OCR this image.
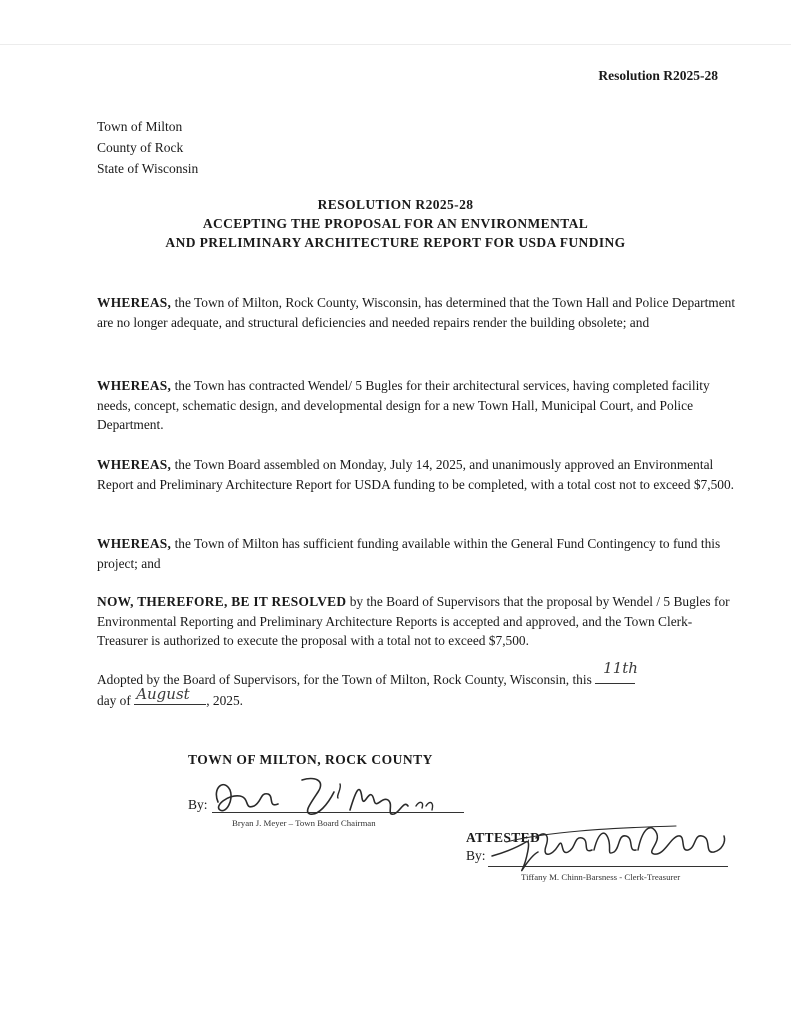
Resolution R2025-28
Town of Milton
County of Rock
State of Wisconsin
RESOLUTION R2025-28
ACCEPTING THE PROPOSAL FOR AN ENVIRONMENTAL
AND PRELIMINARY ARCHITECTURE REPORT FOR USDA FUNDING
WHEREAS, the Town of Milton, Rock County, Wisconsin, has determined that the Town Hall and Police Department are no longer adequate, and structural deficiencies and needed repairs render the building obsolete; and
WHEREAS, the Town has contracted Wendel/ 5 Bugles for their architectural services, having completed facility needs, concept, schematic design, and developmental design for a new Town Hall, Municipal Court, and Police Department.
WHEREAS, the Town Board assembled on Monday, July 14, 2025, and unanimously approved an Environmental Report and Preliminary Architecture Report for USDA funding to be completed, with a total cost not to exceed $7,500.
WHEREAS, the Town of Milton has sufficient funding available within the General Fund Contingency to fund this project; and
NOW, THEREFORE, BE IT RESOLVED by the Board of Supervisors that the proposal by Wendel / 5 Bugles for Environmental Reporting and Preliminary Architecture Reports is accepted and approved, and the Town Clerk-Treasurer is authorized to execute the proposal with a total not to exceed $7,500.
Adopted by the Board of Supervisors, for the Town of Milton, Rock County, Wisconsin, this
11th

day of August , 2025.
TOWN OF MILTON, ROCK COUNTY
By:
Bryan J. Meyer – Town Board Chairman
ATTESTED
By:
Tiffany M. Chinn-Barsness - Clerk-Treasurer
